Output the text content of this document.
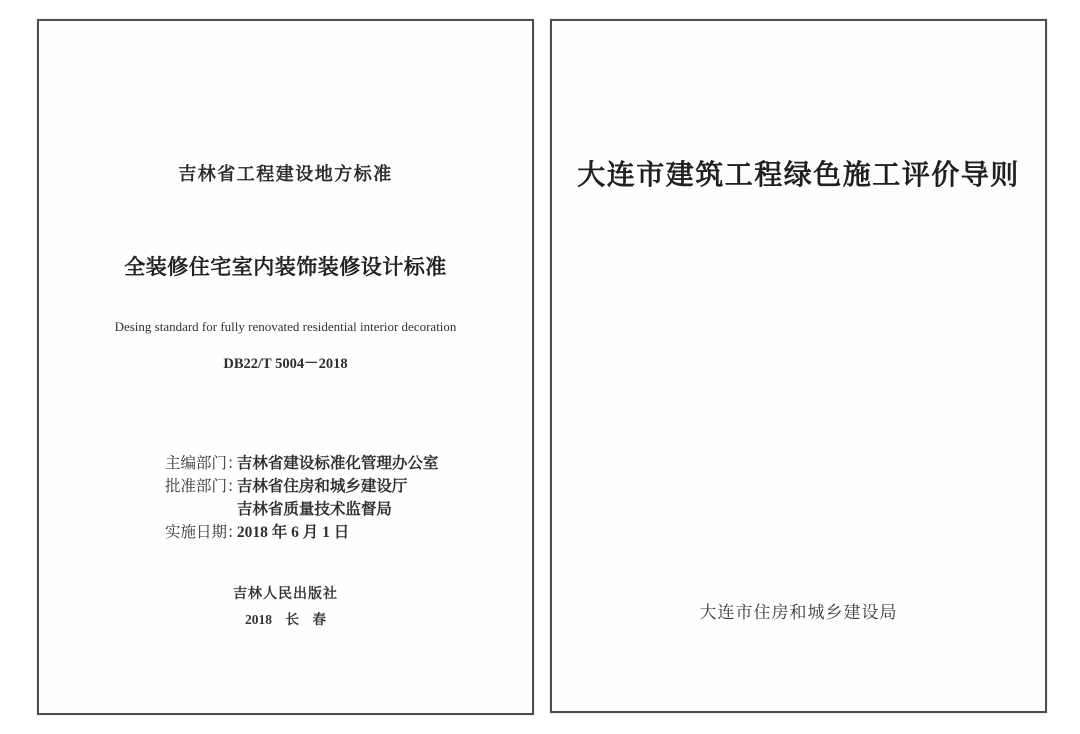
吉林省工程建设地方标准
全装修住宅室内装饰装修设计标准
Desing standard for fully renovated residential interior decoration
DB22/T 5004－2018
主编部门： 吉林省建设标准化管理办公室
批准部门： 吉林省住房和城乡建设厅
吉林省质量技术监督局
实施日期： 2018 年 6 月 1 日
吉林人民出版社
2018　长　春
大连市建筑工程绿色施工评价导则
大连市住房和城乡建设局
